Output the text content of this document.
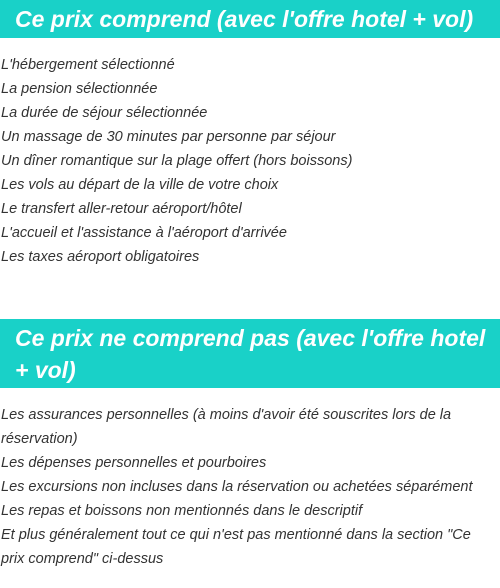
Ce prix comprend (avec l'offre hotel + vol)
L'hébergement sélectionné
La pension sélectionnée
La durée de séjour sélectionnée
Un massage de 30 minutes par personne par séjour
Un dîner romantique sur la plage offert (hors boissons)
Les vols au départ de la ville de votre choix
Le transfert aller-retour aéroport/hôtel
L'accueil et l'assistance à l'aéroport d'arrivée
Les taxes aéroport obligatoires
Ce prix ne comprend pas (avec l'offre hotel + vol)
Les assurances personnelles (à moins d'avoir été souscrites lors de la réservation)
Les dépenses personnelles et pourboires
Les excursions non incluses dans la réservation ou achetées séparément
Les repas et boissons non mentionnés dans le descriptif
Et plus généralement tout ce qui n'est pas mentionné dans la section "Ce prix comprend" ci-dessus
